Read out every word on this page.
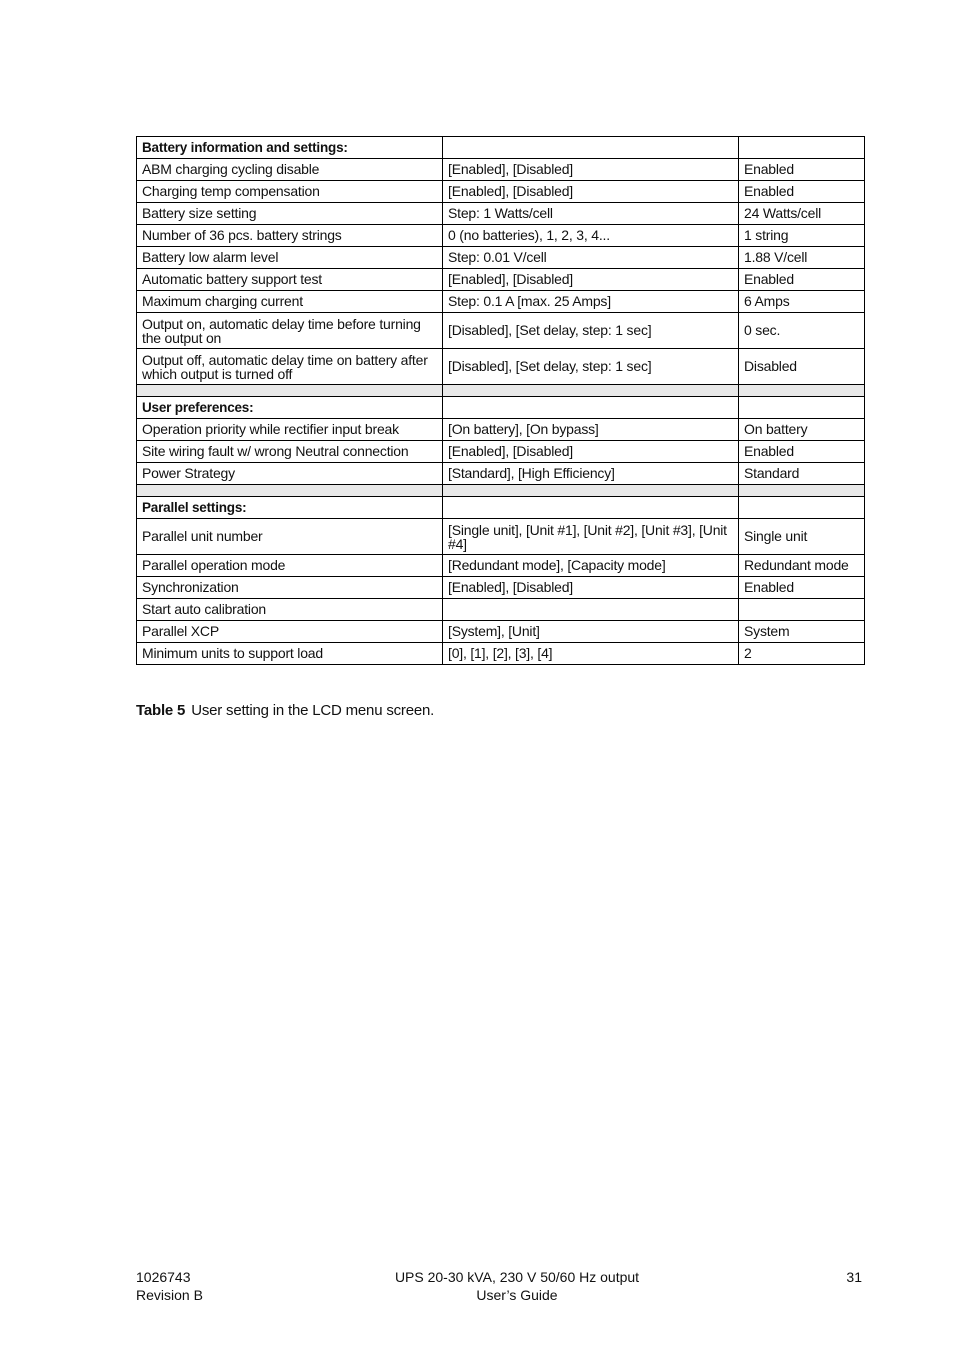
Battery information and settings:		
ABM charging cycling disable	[Enabled], [Disabled]	Enabled
Charging temp compensation	[Enabled], [Disabled]	Enabled
Battery size setting	Step: 1 Watts/cell	24 Watts/cell
Number of 36 pcs. battery strings	0 (no batteries), 1, 2, 3, 4...	1 string
Battery low alarm level	Step: 0.01 V/cell	1.88 V/cell
Automatic battery support test	[Enabled], [Disabled]	Enabled
Maximum charging current	Step: 0.1 A [max. 25 Amps]	6 Amps
Output on, automatic delay time before turning the output on	[Disabled], [Set delay, step: 1 sec]	0 sec.
Output off, automatic delay time on battery after which output is turned off	[Disabled], [Set delay, step: 1 sec]	Disabled

User preferences:		
Operation priority while rectifier input break	[On battery], [On bypass]	On battery
Site wiring fault w/ wrong Neutral connection	[Enabled], [Disabled]	Enabled
Power Strategy	[Standard], [High Efficiency]	Standard

Parallel settings:		
Parallel unit number	[Single unit], [Unit #1], [Unit #2], [Unit #3], [Unit #4]	Single unit
Parallel operation mode	[Redundant mode], [Capacity mode]	Redundant mode
Synchronization	[Enabled], [Disabled]	Enabled
Start auto calibration		
Parallel XCP	[System], [Unit]	System
Minimum units to support load	[0], [1], [2], [3], [4]	2
Table 5 User setting in the LCD menu screen.
1026743
Revision B
UPS 20-30 kVA, 230 V 50/60 Hz output
User’s Guide
31
